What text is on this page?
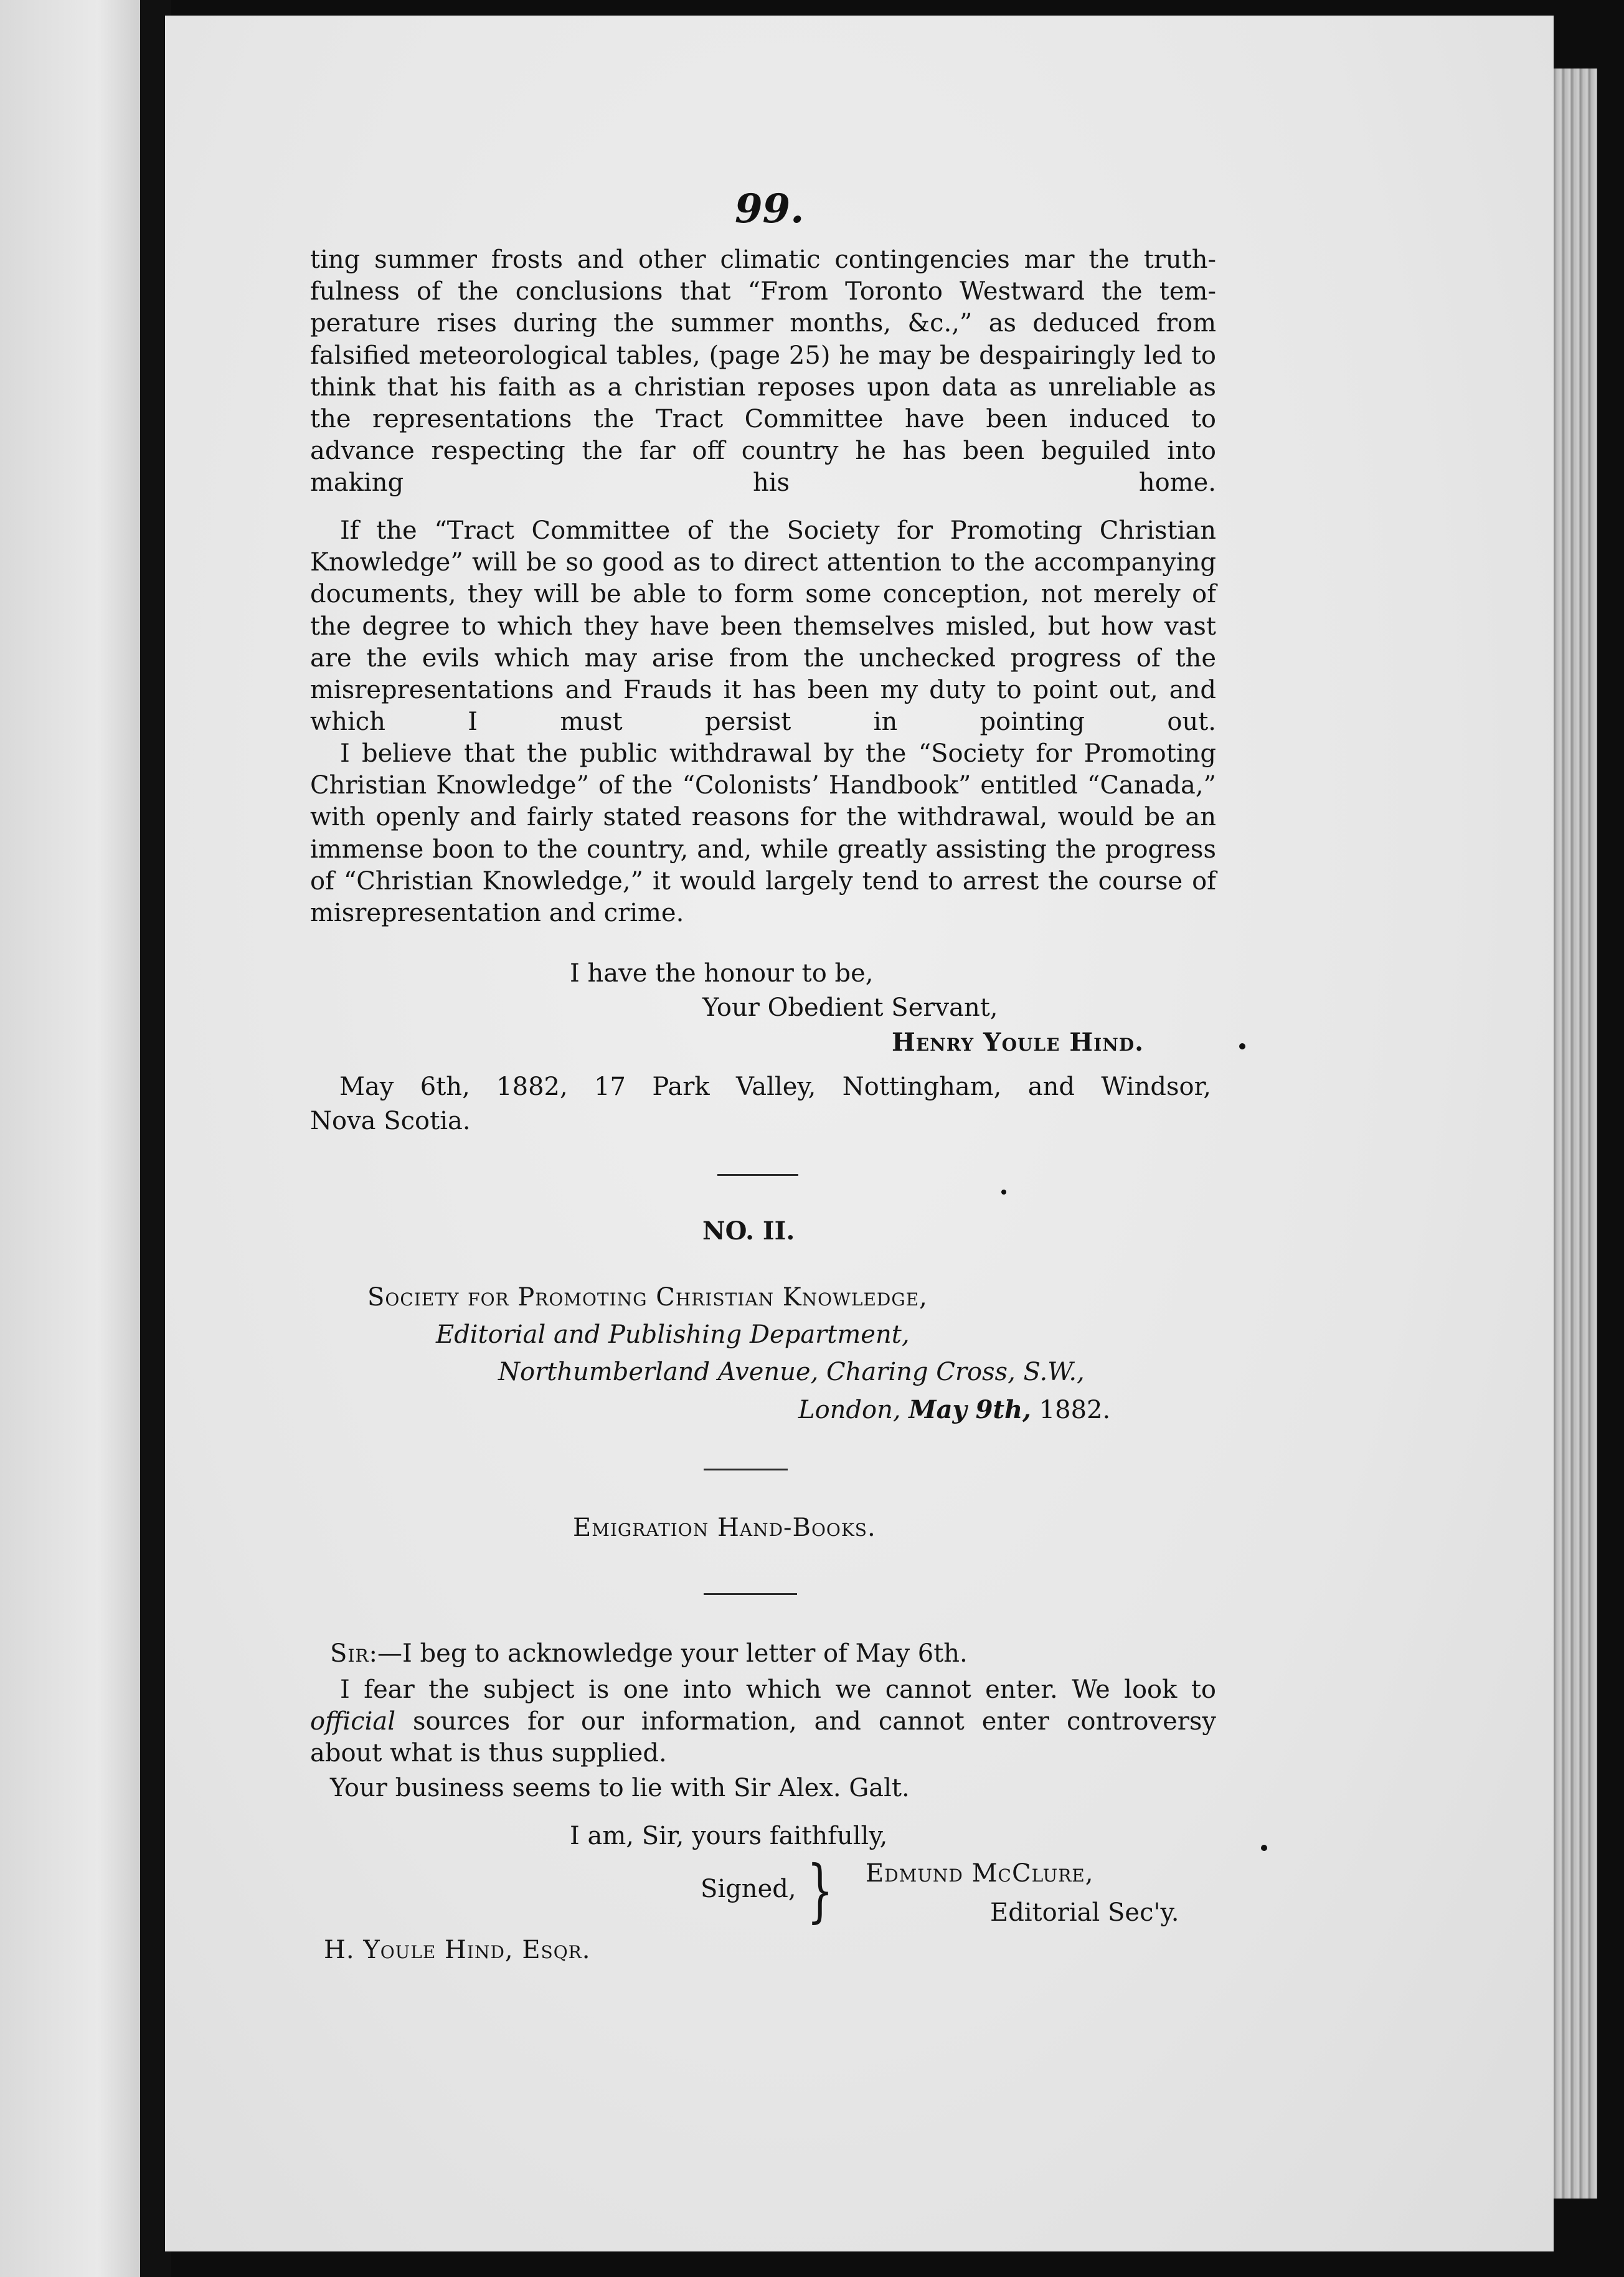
99.
ting summer frosts and other climatic contingencies mar the truthfulness of the conclusions that “From Toronto Westward the temperature rises during the summer months, &c.,” as deduced from falsified meteorological tables, (page 25) he may be despairingly led to think that his faith as a christian reposes upon data as unreliable as the representations the Tract Committee have been induced to advance respecting the far off country he has been beguiled into making his home.
If the “Tract Committee of the Society for Promoting Christian Knowledge” will be so good as to direct attention to the accompanying documents, they will be able to form some conception, not merely of the degree to which they have been themselves misled, but how vast are the evils which may arise from the unchecked progress of the misrepresentations and Frauds it has been my duty to point out, and which I must persist in pointing out.
I believe that the public withdrawal by the “Society for Promoting Christian Knowledge” of the “Colonists’ Handbook” entitled “Canada,” with openly and fairly stated reasons for the withdrawal, would be an immense boon to the country, and, while greatly assisting the progress of “Christian Knowledge,” it would largely tend to arrest the course of misrepresentation and crime.
I have the honour to be,
Your Obedient Servant,
Henry Youle Hind.
May 6th, 1882, 17 Park Valley, Nottingham, and Windsor,
Nova Scotia.
NO. II.
Society for Promoting Christian Knowledge,
Editorial and Publishing Department,
Northumberland Avenue, Charing Cross, S.W.,
London, May 9th, 1882.
Emigration Hand-Books.
Sir:—I beg to acknowledge your letter of May 6th.
I fear the subject is one into which we cannot enter. We look to official sources for our information, and cannot enter controversy about what is thus supplied.
Your business seems to lie with Sir Alex. Galt.
I am, Sir, yours faithfully,
Signed, } Edmund McClure,
Editorial Sec'y.
H. Youle Hind, Esqr.
